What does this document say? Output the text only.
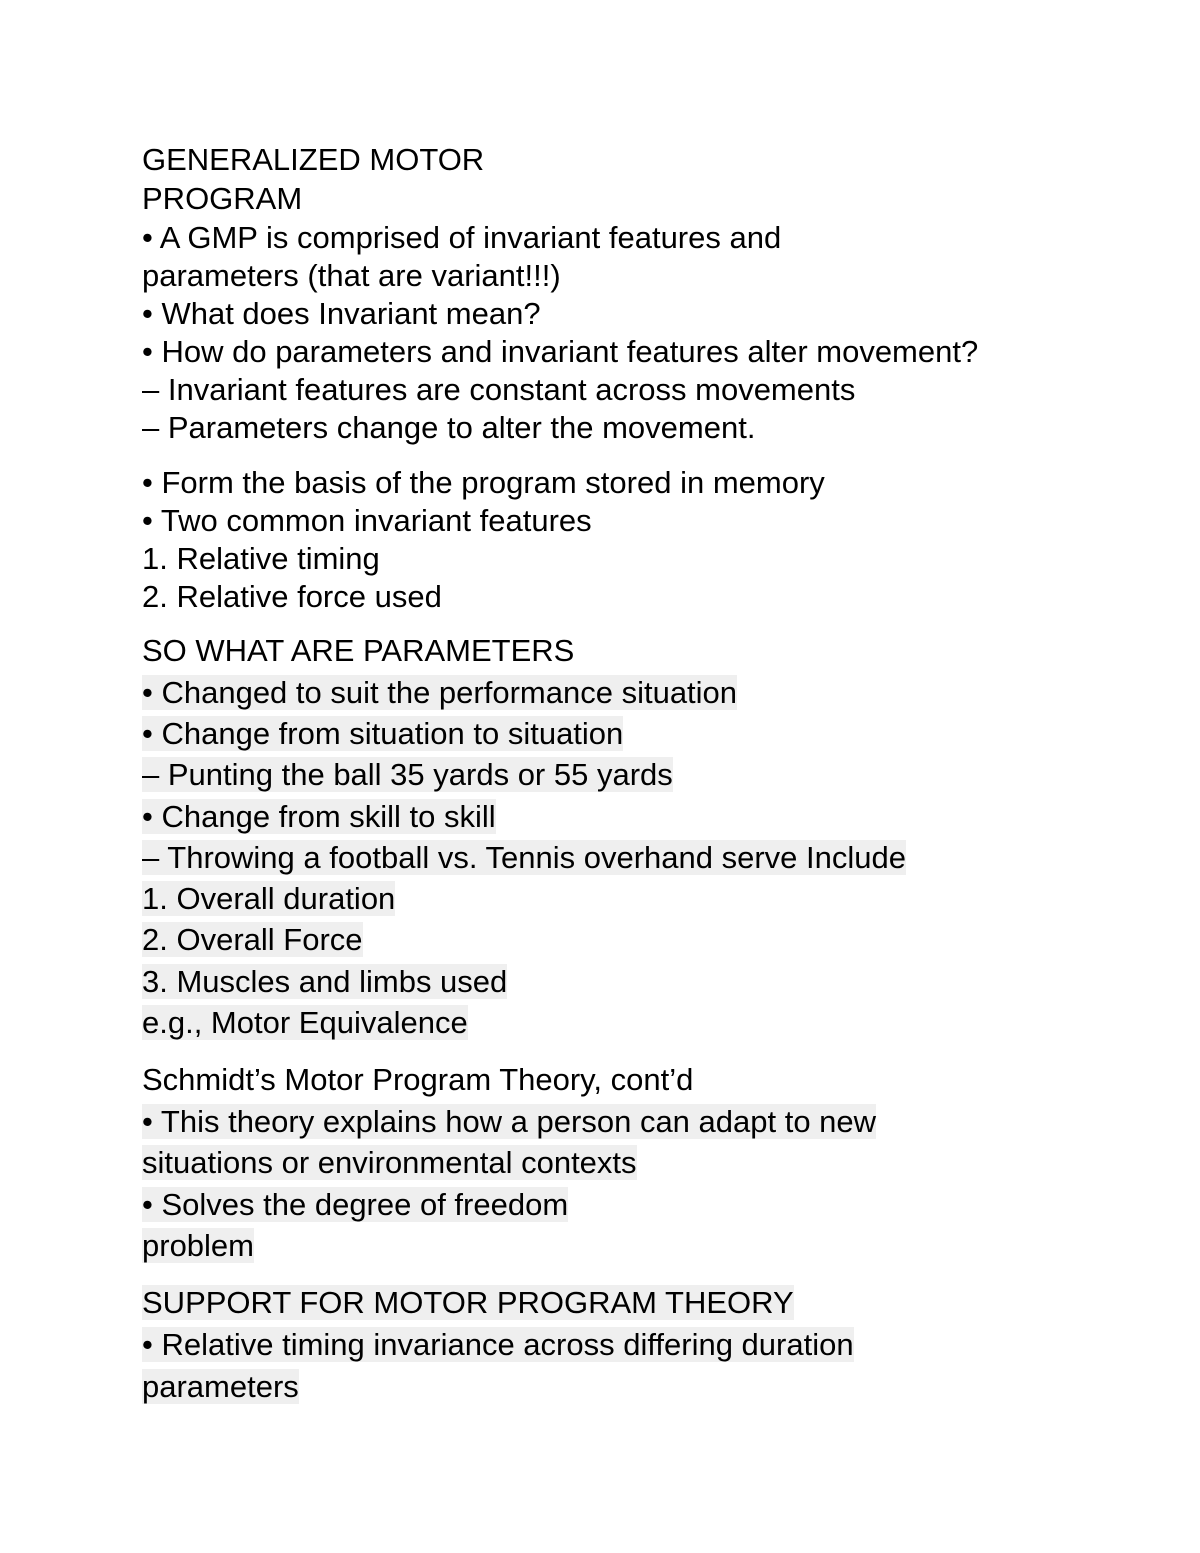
GENERALIZED MOTOR
PROGRAM
• A GMP is comprised of invariant features and
parameters (that are variant!!!)
• What does Invariant mean?
• How do parameters and invariant features alter movement?
– Invariant features are constant across movements
– Parameters change to alter the movement.
• Form the basis of the program stored in memory
• Two common invariant features
1. Relative timing
2. Relative force used
SO WHAT ARE PARAMETERS
• Changed to suit the performance situation
• Change from situation to situation
– Punting the ball 35 yards or 55 yards
• Change from skill to skill
– Throwing a football vs. Tennis overhand serve Include
1. Overall duration
2. Overall Force
3. Muscles and limbs used
e.g., Motor Equivalence
Schmidt’s Motor Program Theory, cont’d
• This theory explains how a person can adapt to new
situations or environmental contexts
• Solves the degree of freedom
problem
SUPPORT FOR MOTOR PROGRAM THEORY
• Relative timing invariance across differing duration
parameters
